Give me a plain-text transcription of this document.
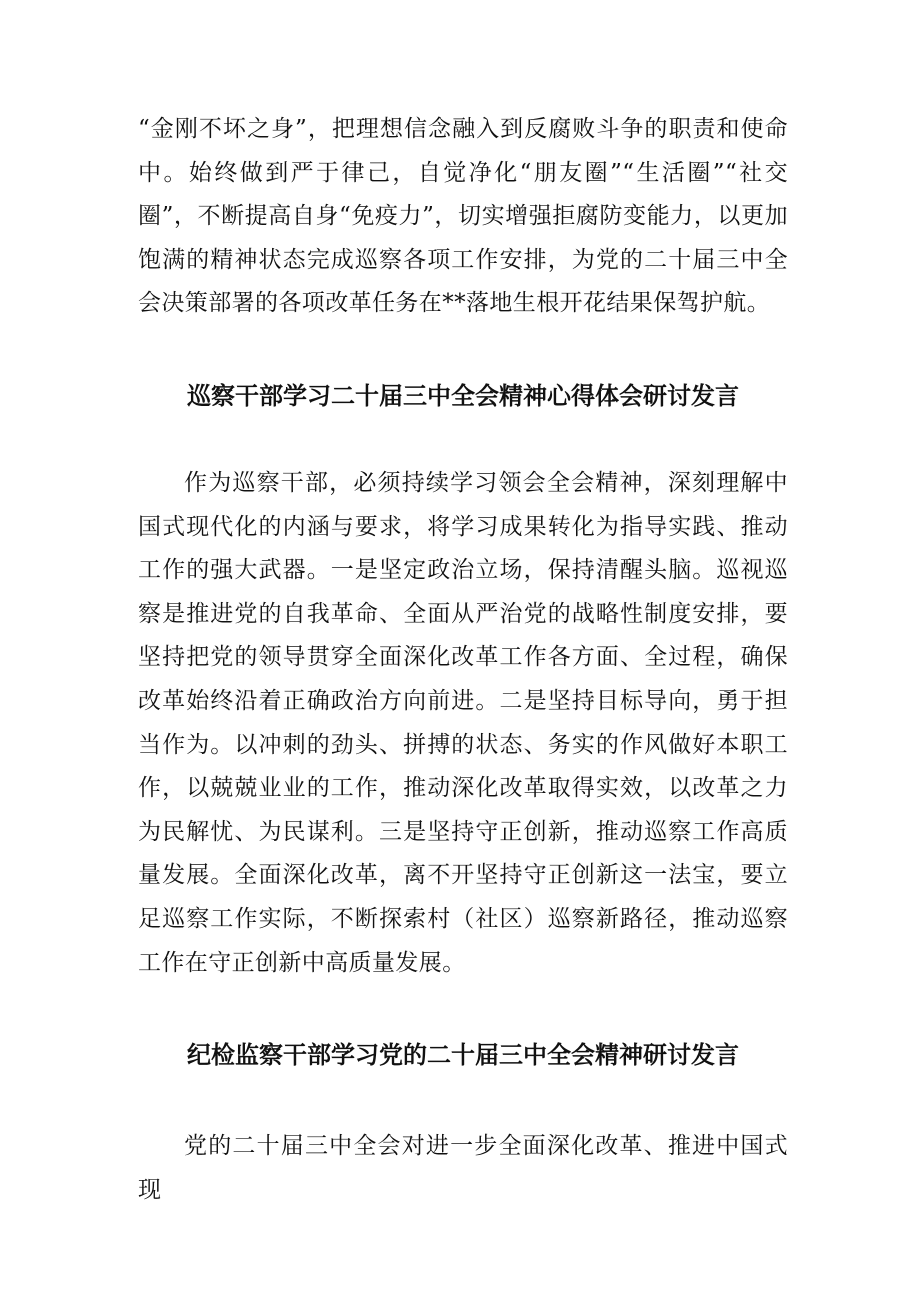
“金刚不坏之身”，把理想信念融入到反腐败斗争的职责和使命中。始终做到严于律己，自觉净化“朋友圈”“生活圈”“社交圈”，不断提高自身“免疫力”，切实增强拒腐防变能力，以更加饱满的精神状态完成巡察各项工作安排，为党的二十届三中全会决策部署的各项改革任务在**落地生根开花结果保驾护航。

巡察干部学习二十届三中全会精神心得体会研讨发言

作为巡察干部，必须持续学习领会全会精神，深刻理解中国式现代化的内涵与要求，将学习成果转化为指导实践、推动工作的强大武器。一是坚定政治立场，保持清醒头脑。巡视巡察是推进党的自我革命、全面从严治党的战略性制度安排，要坚持把党的领导贯穿全面深化改革工作各方面、全过程，确保改革始终沿着正确政治方向前进。二是坚持目标导向，勇于担当作为。以冲刺的劲头、拼搏的状态、务实的作风做好本职工作，以兢兢业业的工作，推动深化改革取得实效，以改革之力为民解忧、为民谋利。三是坚持守正创新，推动巡察工作高质量发展。全面深化改革，离不开坚持守正创新这一法宝，要立足巡察工作实际，不断探索村（社区）巡察新路径，推动巡察工作在守正创新中高质量发展。

纪检监察干部学习党的二十届三中全会精神研讨发言

党的二十届三中全会对进一步全面深化改革、推进中国式现
